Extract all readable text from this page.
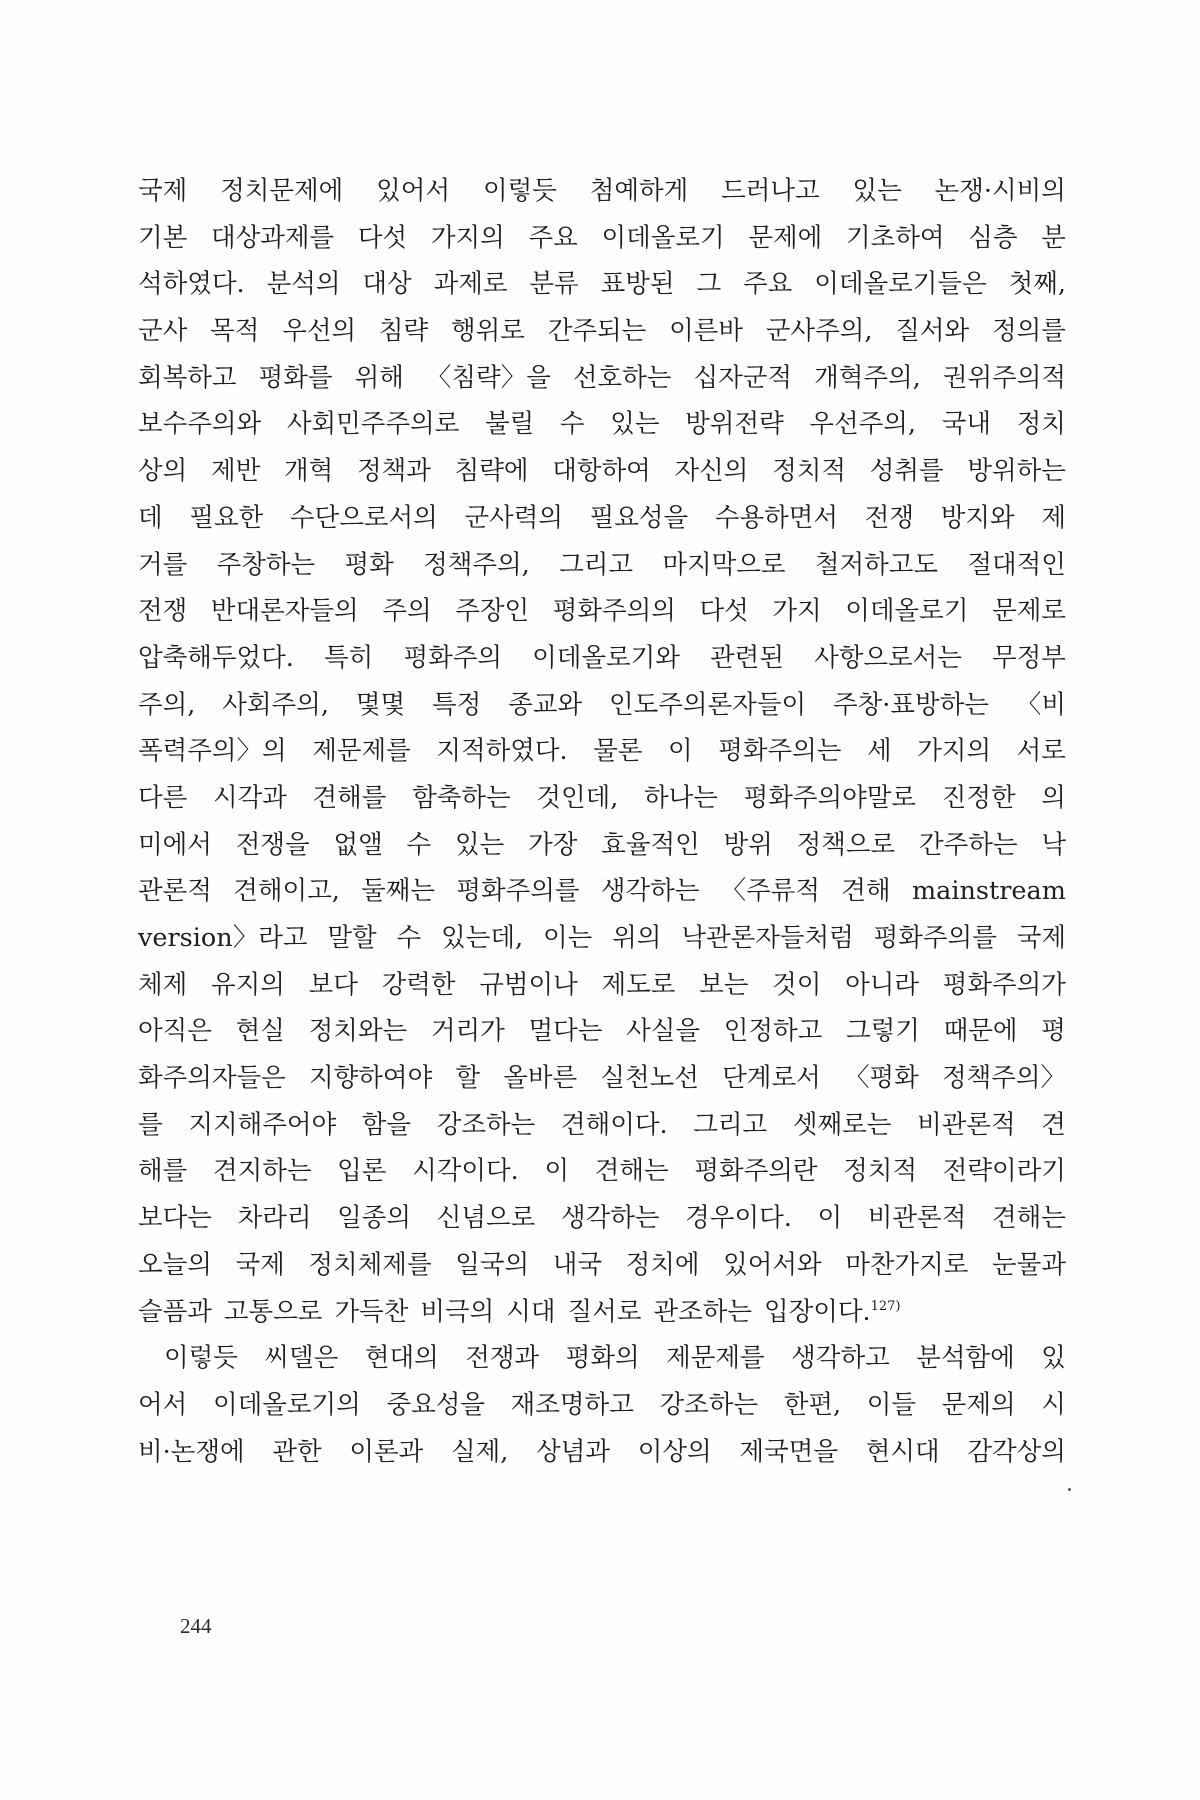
국제 정치문제에 있어서 이렇듯 첨예하게 드러나고 있는 논쟁·시비의
기본 대상과제를 다섯 가지의 주요 이데올로기 문제에 기초하여 심층 분
석하였다. 분석의 대상 과제로 분류 표방된 그 주요 이데올로기들은 첫째,
군사 목적 우선의 침략 행위로 간주되는 이른바 군사주의, 질서와 정의를
회복하고 평화를 위해 〈침략〉을 선호하는 십자군적 개혁주의, 권위주의적
보수주의와 사회민주주의로 불릴 수 있는 방위전략 우선주의, 국내 정치
상의 제반 개혁 정책과 침략에 대항하여 자신의 정치적 성취를 방위하는
데 필요한 수단으로서의 군사력의 필요성을 수용하면서 전쟁 방지와 제
거를 주창하는 평화 정책주의, 그리고 마지막으로 철저하고도 절대적인
전쟁 반대론자들의 주의 주장인 평화주의의 다섯 가지 이데올로기 문제로
압축해두었다. 특히 평화주의 이데올로기와 관련된 사항으로서는 무정부
주의, 사회주의, 몇몇 특정 종교와 인도주의론자들이 주창·표방하는 〈비
폭력주의〉의 제문제를 지적하였다. 물론 이 평화주의는 세 가지의 서로
다른 시각과 견해를 함축하는 것인데, 하나는 평화주의야말로 진정한 의
미에서 전쟁을 없앨 수 있는 가장 효율적인 방위 정책으로 간주하는 낙
관론적 견해이고, 둘째는 평화주의를 생각하는 〈주류적 견해 mainstream
version〉라고 말할 수 있는데, 이는 위의 낙관론자들처럼 평화주의를 국제
체제 유지의 보다 강력한 규범이나 제도로 보는 것이 아니라 평화주의가
아직은 현실 정치와는 거리가 멀다는 사실을 인정하고 그렇기 때문에 평
화주의자들은 지향하여야 할 올바른 실천노선 단계로서 〈평화 정책주의〉
를 지지해주어야 함을 강조하는 견해이다. 그리고 셋째로는 비관론적 견
해를 견지하는 입론 시각이다. 이 견해는 평화주의란 정치적 전략이라기
보다는 차라리 일종의 신념으로 생각하는 경우이다. 이 비관론적 견해는
오늘의 국제 정치체제를 일국의 내국 정치에 있어서와 마찬가지로 눈물과
슬픔과 고통으로 가득찬 비극의 시대 질서로 관조하는 입장이다.$^{127)}$
이렇듯 씨델은 현대의 전쟁과 평화의 제문제를 생각하고 분석함에 있
어서 이데올로기의 중요성을 재조명하고 강조하는 한편, 이들 문제의 시
비·논쟁에 관한 이론과 실제, 상념과 이상의 제국면을 현시대 감각상의
244
